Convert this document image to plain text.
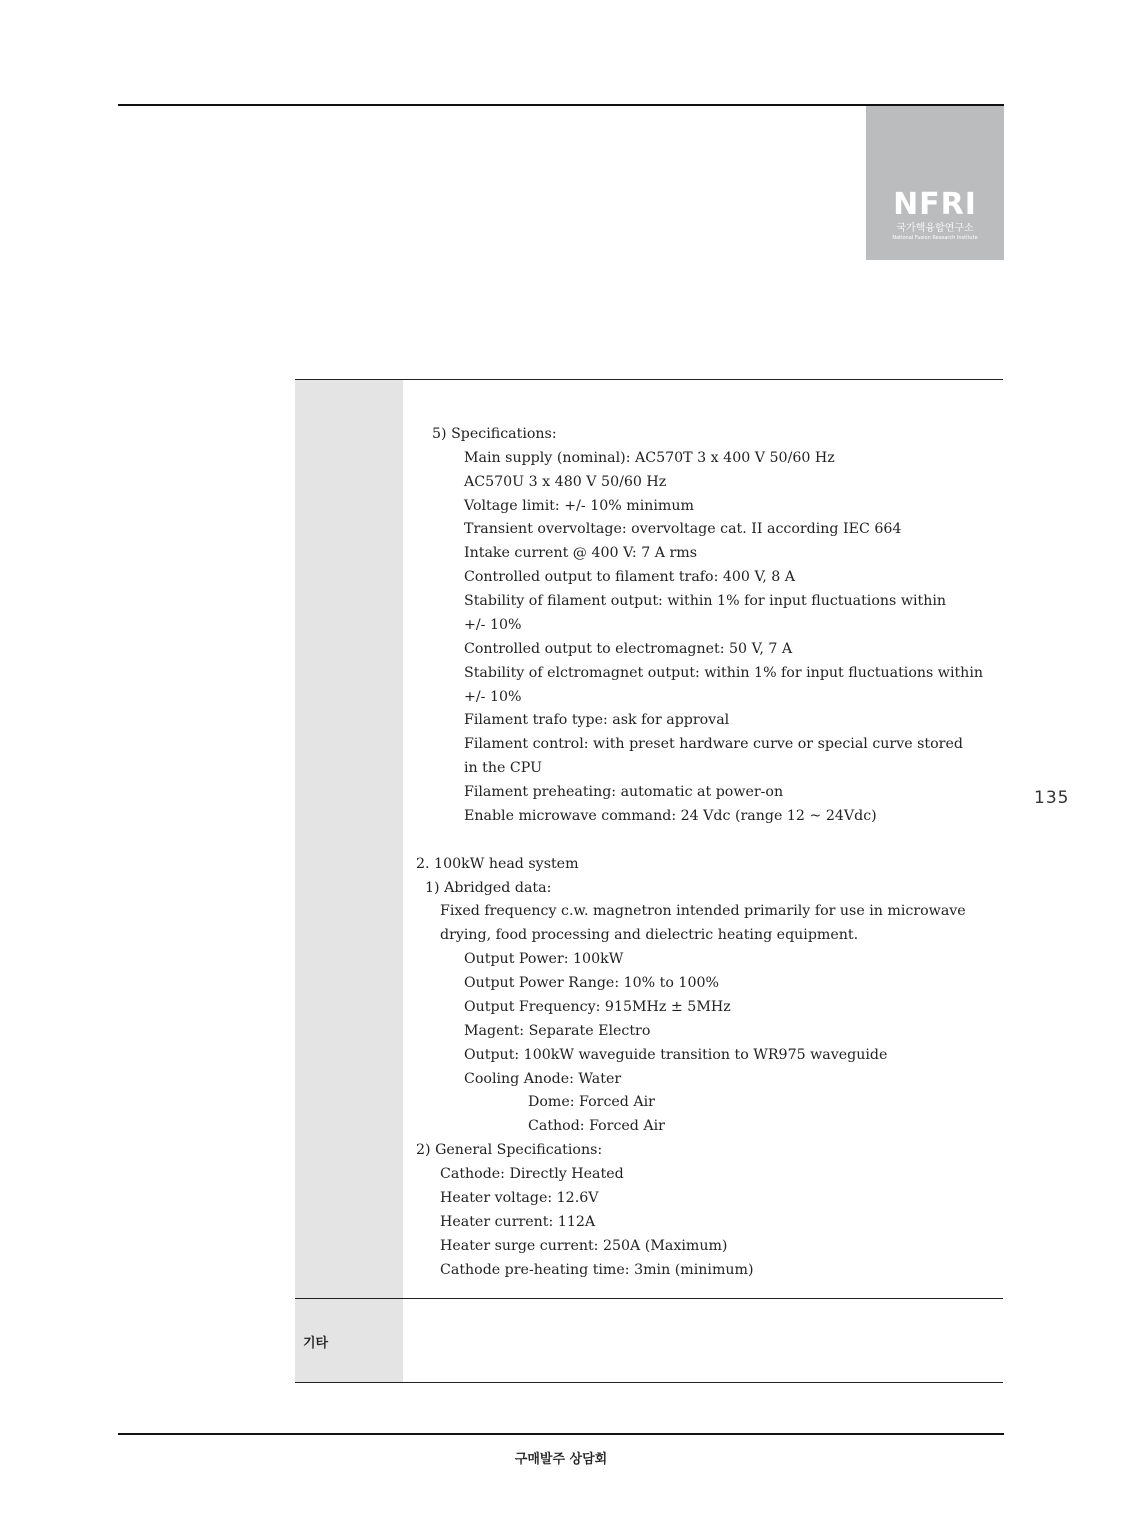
NFRI
국가핵융합연구소
National Fusion Research Institute
기타
5) Specifications:
Main supply (nominal): AC570T 3 x 400 V 50/60 Hz
AC570U 3 x 480 V 50/60 Hz
Voltage limit: +/- 10% minimum
Transient overvoltage: overvoltage cat. II according IEC 664
Intake current @ 400 V: 7 A rms
Controlled output to filament trafo: 400 V, 8 A
Stability of filament output: within 1% for input fluctuations within
+/- 10%
Controlled output to electromagnet: 50 V, 7 A
Stability of elctromagnet output: within 1% for input fluctuations within
+/- 10%
Filament trafo type: ask for approval
Filament control: with preset hardware curve or special curve stored
in the CPU
Filament preheating: automatic at power-on
Enable microwave command: 24 Vdc (range 12 ~ 24Vdc)
2. 100kW head system
1) Abridged data:
Fixed frequency c.w. magnetron intended primarily for use in microwave
drying, food processing and dielectric heating equipment.
Output Power: 100kW
Output Power Range: 10% to 100%
Output Frequency: 915MHz ± 5MHz
Magent: Separate Electro
Output: 100kW waveguide transition to WR975 waveguide
Cooling Anode: Water
Dome: Forced Air
Cathod: Forced Air
2) General Specifications:
Cathode: Directly Heated
Heater voltage: 12.6V
Heater current: 112A
Heater surge current: 250A (Maximum)
Cathode pre-heating time: 3min (minimum)
135
구매발주 상담회
